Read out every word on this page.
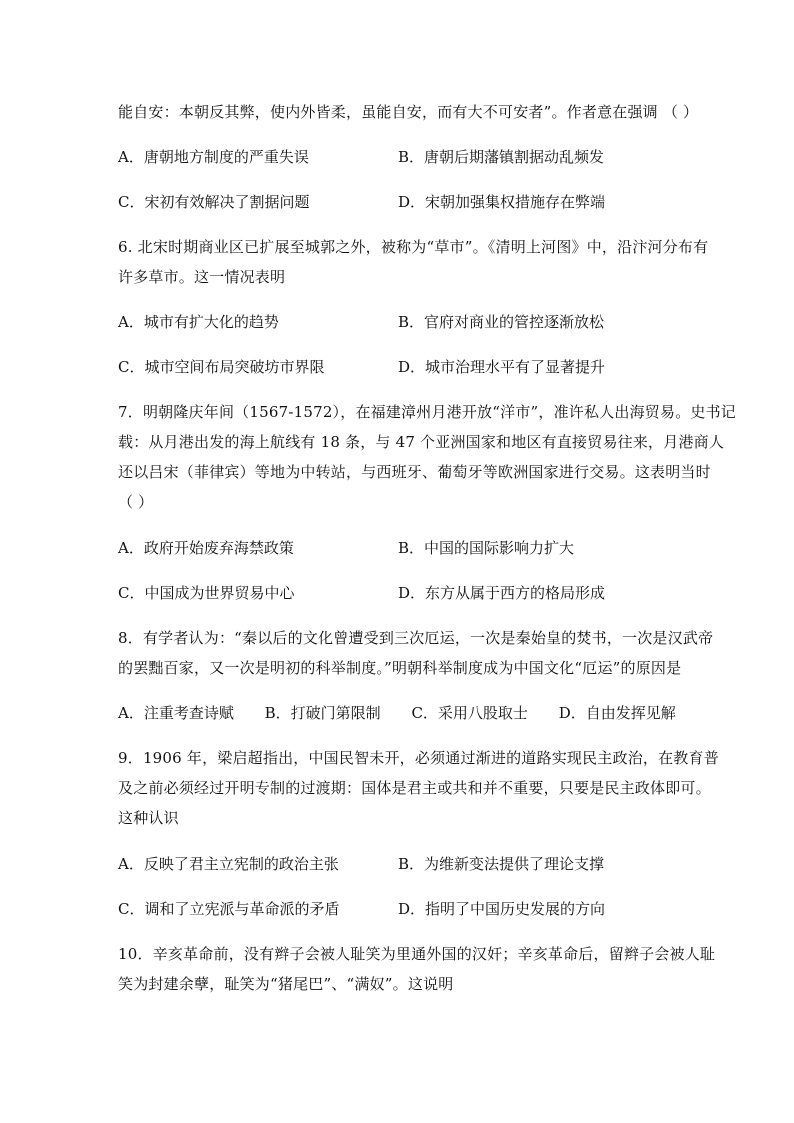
能自安：本朝反其弊，使内外皆柔，虽能自安，而有大不可安者”。作者意在强调 （ ）
A．唐朝地方制度的严重失误	B．唐朝后期藩镇割据动乱频发
C．宋初有效解决了割据问题	D．宋朝加强集权措施存在弊端
6. 北宋时期商业区已扩展至城郭之外，被称为“草市”。《清明上河图》中，沿汴河分布有
许多草市。这一情况表明
A．城市有扩大化的趋势	B．官府对商业的管控逐渐放松
C．城市空间布局突破坊市界限	D．城市治理水平有了显著提升
7．明朝隆庆年间（1567-1572），在福建漳州月港开放“洋市”，准许私人出海贸易。史书记
载：从月港出发的海上航线有 18 条，与 47 个亚洲国家和地区有直接贸易往来，月港商人
还以吕宋（菲律宾）等地为中转站，与西班牙、葡萄牙等欧洲国家进行交易。这表明当时
（ ）
A．政府开始废弃海禁政策	B．中国的国际影响力扩大
C．中国成为世界贸易中心	D．东方从属于西方的格局形成
8．有学者认为：“秦以后的文化曾遭受到三次厄运，一次是秦始皇的焚书，一次是汉武帝
的罢黜百家，又一次是明初的科举制度。”明朝科举制度成为中国文化“厄运”的原因是
A．注重考查诗赋 B．打破门第限制 C．采用八股取士 D．自由发挥见解
9．1906 年，梁启超指出，中国民智未开，必须通过渐进的道路实现民主政治，在教育普
及之前必须经过开明专制的过渡期：国体是君主或共和并不重要，只要是民主政体即可。
这种认识
A．反映了君主立宪制的政治主张	B．为维新变法提供了理论支撑
C．调和了立宪派与革命派的矛盾	D．指明了中国历史发展的方向
10．辛亥革命前，没有辫子会被人耻笑为里通外国的汉奸；辛亥革命后，留辫子会被人耻
笑为封建余孽，耻笑为“猪尾巴”、“满奴”。这说明
